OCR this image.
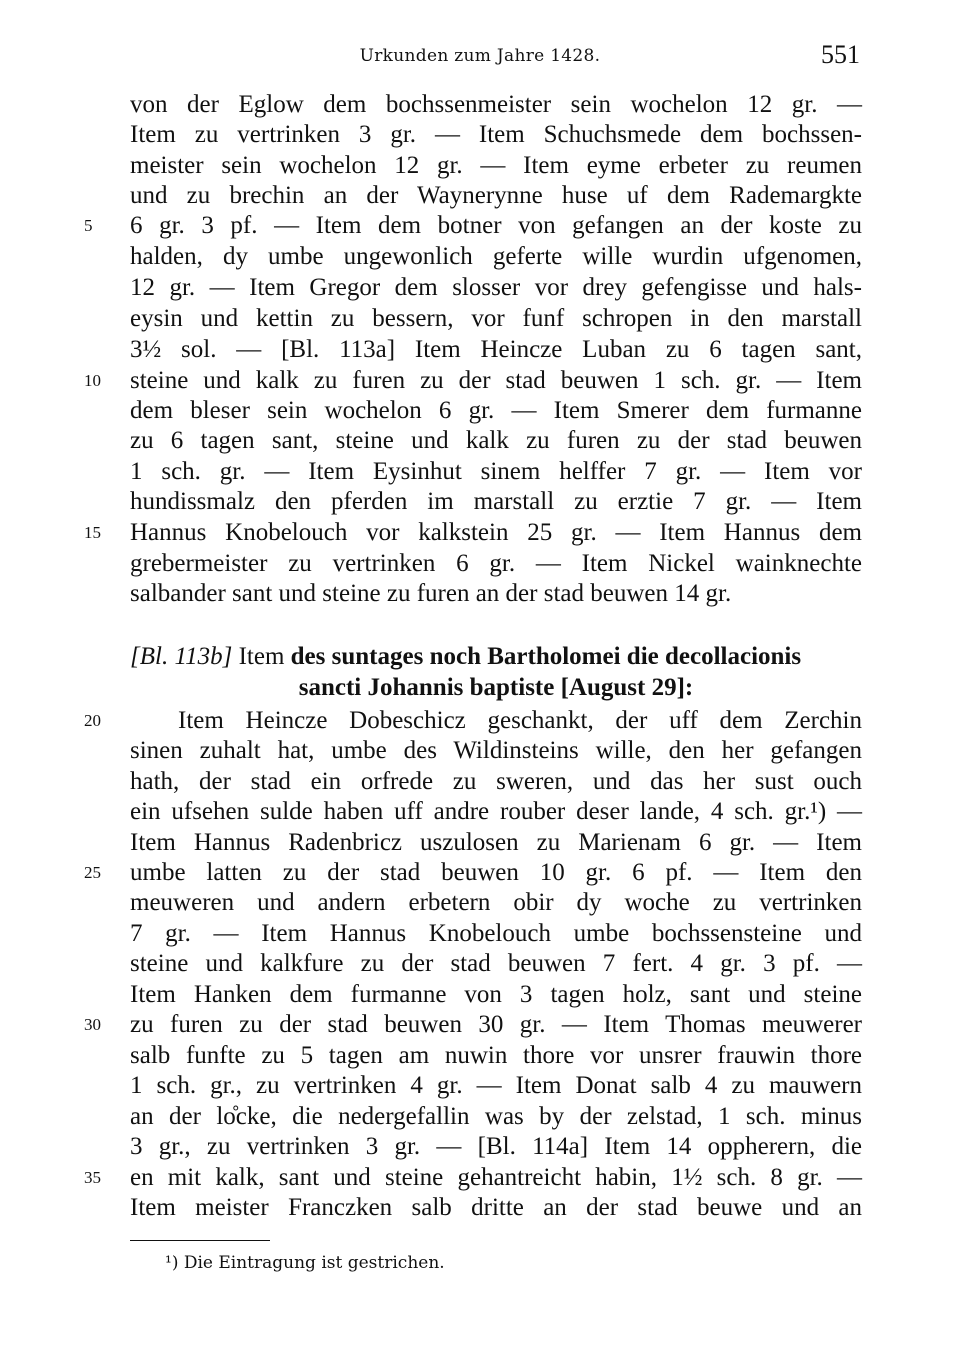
Urkunden zum Jahre 1428.	551
5
10
15
20
25
30
35
von der Eglow dem bochssenmeister sein wochelon 12 gr. —
Item zu vertrinken 3 gr. — Item Schuchsmede dem bochssen-
meister sein wochelon 12 gr. — Item eyme erbeter zu reumen
und zu brechin an der Waynerynne huse uf dem Rademargkte
6 gr. 3 pf. — Item dem botner von gefangen an der koste zu
halden, dy umbe ungewonlich geferte wille wurdin ufgenomen,
12 gr. — Item Gregor dem slosser vor drey gefengisse und hals-
eysin und kettin zu bessern, vor funf schropen in den marstall
3½ sol. — [Bl. 113a] Item Heincze Luban zu 6 tagen sant,
steine und kalk zu furen zu der stad beuwen 1 sch. gr. — Item
dem bleser sein wochelon 6 gr. — Item Smerer dem furmanne
zu 6 tagen sant, steine und kalk zu furen zu der stad beuwen
1 sch. gr. — Item Eysinhut sinem helffer 7 gr. — Item vor
hundissmalz den pferden im marstall zu erztie 7 gr. — Item
Hannus Knobelouch vor kalkstein 25 gr. — Item Hannus dem
grebermeister zu vertrinken 6 gr. — Item Nickel wainknechte
salbander sant und steine zu furen an der stad beuwen 14 gr.
[Bl. 113b] Item des suntages noch Bartholomei die decollacionis
sancti Johannis baptiste [August 29]:
Item Heincze Dobeschicz geschankt, der uff dem Zerchin
sinen zuhalt hat, umbe des Wildinsteins wille, den her gefangen
hath, der stad ein orfrede zu sweren, und das her sust ouch
ein ufsehen sulde haben uff andre rouber deser lande, 4 sch. gr.¹) —
Item Hannus Radenbricz uszulosen zu Marienam 6 gr. — Item
umbe latten zu der stad beuwen 10 gr. 6 pf. — Item den
meuweren und andern erbetern obir dy woche zu vertrinken
7 gr. — Item Hannus Knobelouch umbe bochssensteine und
steine und kalkfure zu der stad beuwen 7 fert. 4 gr. 3 pf. —
Item Hanken dem furmanne von 3 tagen holz, sant und steine
zu furen zu der stad beuwen 30 gr. — Item Thomas meuwerer
salb funfte zu 5 tagen am nuwin thore vor unsrer frauwin thore
1 sch. gr., zu vertrinken 4 gr. — Item Donat salb 4 zu mauwern
an der lo̊cke, die nedergefallin was by der zelstad, 1 sch. minus
3 gr., zu vertrinken 3 gr. — [Bl. 114a] Item 14 oppherern, die
en mit kalk, sant und steine gehantreicht habin, 1½ sch. 8 gr. —
Item meister Franczken salb dritte an der stad beuwe und an
¹) Die Eintragung ist gestrichen.
